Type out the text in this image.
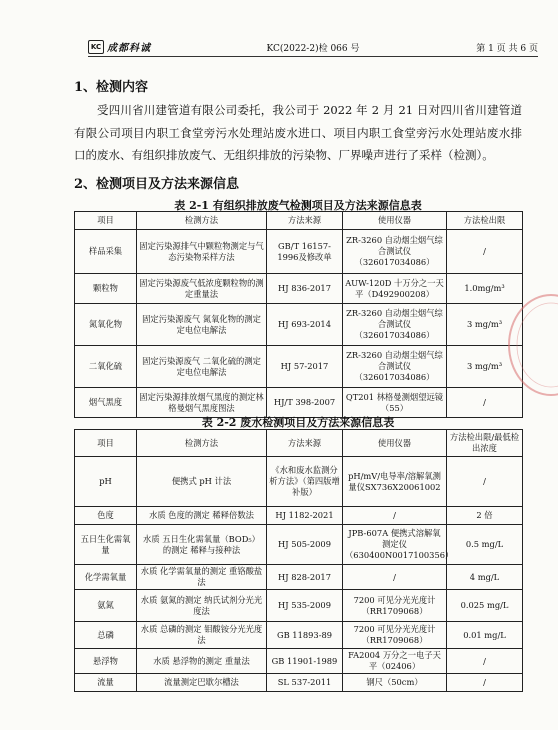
KC 成都科诚	KC(2022-2)检 066 号	第 1 页 共 6 页
1、检测内容
受四川省川建管道有限公司委托，我公司于 2022 年 2 月 21 日对四川省川建管道有限公司项目内职工食堂旁污水处理站废水进口、项目内职工食堂旁污水处理站废水排口的废水、有组织排放废气、无组织排放的污染物、厂界噪声进行了采样（检测）。
2、检测项目及方法来源信息
表 2-1 有组织排放废气检测项目及方法来源信息表
项目	检测方法	方法来源	使用仪器	方法检出限
样品采集	固定污染源排气中颗粒物测定与气态污染物采样方法	GB/T 16157-1996及修改单	ZR-3260 自动烟尘烟气综合测试仪（326017034086）	/
颗粒物	固定污染源废气低浓度颗粒物的测定重量法	HJ 836-2017	AUW-120D 十万分之一天平（D492900208）	1.0mg/m³
氮氧化物	固定污染源废气 氮氧化物的测定定电位电解法	HJ 693-2014	ZR-3260 自动烟尘烟气综合测试仪（326017034086）	3 mg/m³
二氧化硫	固定污染源废气 二氧化硫的测定定电位电解法	HJ 57-2017	ZR-3260 自动烟尘烟气综合测试仪（326017034086）	3 mg/m³
烟气黑度	固定污染源排放烟气黑度的测定林格曼烟气黑度图法	HJ/T 398-2007	QT201 林格曼测烟望远镜（55）	/
表 2-2 废水检测项目及方法来源信息表
项目	检测方法	方法来源	使用仪器	方法检出限/最低检出浓度
pH	便携式 pH 计法	《水和废水监测分析方法》（第四版增补版）	pH/mV/电导率/溶解氧测量仪SX736X20061002	/
色度	水质 色度的测定 稀释倍数法	HJ 1182-2021	/	2 倍
五日生化需氧量	水质 五日生化需氧量（BOD₅）的测定 稀释与接种法	HJ 505-2009	JPB-607A 便携式溶解氧测定仪（630400N0017100356）	0.5 mg/L
化学需氧量	水质 化学需氧量的测定 重铬酸盐法	HJ 828-2017	/	4 mg/L
氨氮	水质 氨氮的测定 纳氏试剂分光光度法	HJ 535-2009	7200 可见分光光度计（RR1709068）	0.025 mg/L
总磷	水质 总磷的测定 钼酸铵分光光度法	GB 11893-89	7200 可见分光光度计（RR1709068）	0.01 mg/L
悬浮物	水质 悬浮物的测定 重量法	GB 11901-1989	FA2004 万分之一电子天平（02406）	/
流量	流量测定巴歇尔槽法	SL 537-2011	钢尺（50cm）	/
